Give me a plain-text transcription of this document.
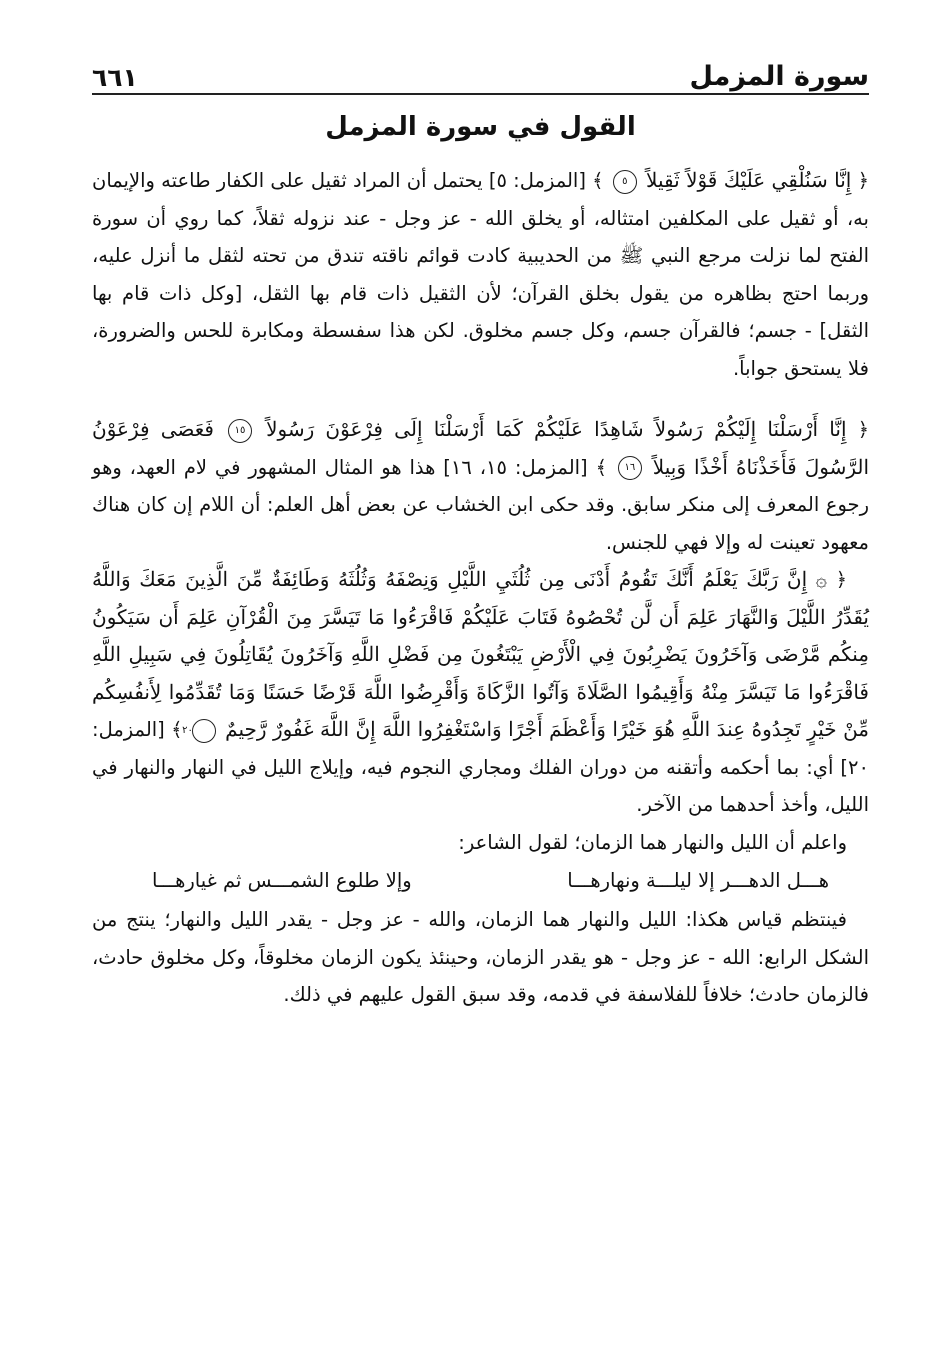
سورة المزمل
٦٦١
القول في سورة المزمل

﴿ إِنَّا سَنُلْقِي عَلَيْكَ قَوْلاً ثَقِيلاً ٥ ﴾ [المزمل: ٥] يحتمل أن المراد ثقيل على الكفار طاعته والإيمان به، أو ثقيل على المكلفين امتثاله، أو يخلق الله - عز وجل - عند نزوله ثقلاً، كما روي أن سورة الفتح لما نزلت مرجع النبي ﷺ من الحديبية كادت قوائم ناقته تندق من تحته لثقل ما أنزل عليه، وربما احتج بظاهره من يقول بخلق القرآن؛ لأن الثقيل ذات قام بها الثقل، [وكل ذات قام بها الثقل] - جسم؛ فالقرآن جسم، وكل جسم مخلوق. لكن هذا سفسطة ومكابرة للحس والضرورة، فلا يستحق جواباً.

﴿ إِنَّا أَرْسَلْنَا إِلَيْكُمْ رَسُولاً شَاهِدًا عَلَيْكُمْ كَمَا أَرْسَلْنَا إِلَى فِرْعَوْنَ رَسُولاً ١٥ فَعَصَى فِرْعَوْنُ الرَّسُولَ فَأَخَذْنَاهُ أَخْذًا وَبِيلاً ١٦ ﴾ [المزمل: ١٥، ١٦] هذا هو المثال المشهور في لام العهد، وهو رجوع المعرف إلى منكر سابق. وقد حكى ابن الخشاب عن بعض أهل العلم: أن اللام إن كان هناك معهود تعينت له وإلا فهي للجنس.

﴿ ۞ إِنَّ رَبَّكَ يَعْلَمُ أَنَّكَ تَقُومُ أَدْنَى مِن ثُلُثَيِ اللَّيْلِ وَنِصْفَهُ وَثُلُثَهُ وَطَائِفَةٌ مِّنَ الَّذِينَ مَعَكَ وَاللَّهُ يُقَدِّرُ اللَّيْلَ وَالنَّهَارَ عَلِمَ أَن لَّن تُحْصُوهُ فَتَابَ عَلَيْكُمْ فَاقْرَءُوا مَا تَيَسَّرَ مِنَ الْقُرْآنِ عَلِمَ أَن سَيَكُونُ مِنكُم مَّرْضَى وَآخَرُونَ يَضْرِبُونَ فِي الْأَرْضِ يَبْتَغُونَ مِن فَضْلِ اللَّهِ وَآخَرُونَ يُقَاتِلُونَ فِي سَبِيلِ اللَّهِ فَاقْرَءُوا مَا تَيَسَّرَ مِنْهُ وَأَقِيمُوا الصَّلَاةَ وَآتُوا الزَّكَاةَ وَأَقْرِضُوا اللَّهَ قَرْضًا حَسَنًا وَمَا تُقَدِّمُوا لِأَنفُسِكُم مِّنْ خَيْرٍ تَجِدُوهُ عِندَ اللَّهِ هُوَ خَيْرًا وَأَعْظَمَ أَجْرًا وَاسْتَغْفِرُوا اللَّهَ إِنَّ اللَّهَ غَفُورٌ رَّحِيمٌ ٢٠ ﴾ [المزمل: ٢٠] أي: بما أحكمه وأتقنه من دوران الفلك ومجاري النجوم فيه، وإيلاج الليل في النهار والنهار في الليل، وأخذ أحدهما من الآخر.

واعلم أن الليل والنهار هما الزمان؛ لقول الشاعر:

هـــل الدهـــر إلا ليلـــة ونهارهـــا
وإلا طلوع الشمـــس ثم غيارهـــا

فينتظم قياس هكذا: الليل والنهار هما الزمان، والله - عز وجل - يقدر الليل والنهار؛ ينتج من الشكل الرابع: الله - عز وجل - هو يقدر الزمان، وحينئذ يكون الزمان مخلوقاً، وكل مخلوق حادث، فالزمان حادث؛ خلافاً للفلاسفة في قدمه، وقد سبق القول عليهم في ذلك.
